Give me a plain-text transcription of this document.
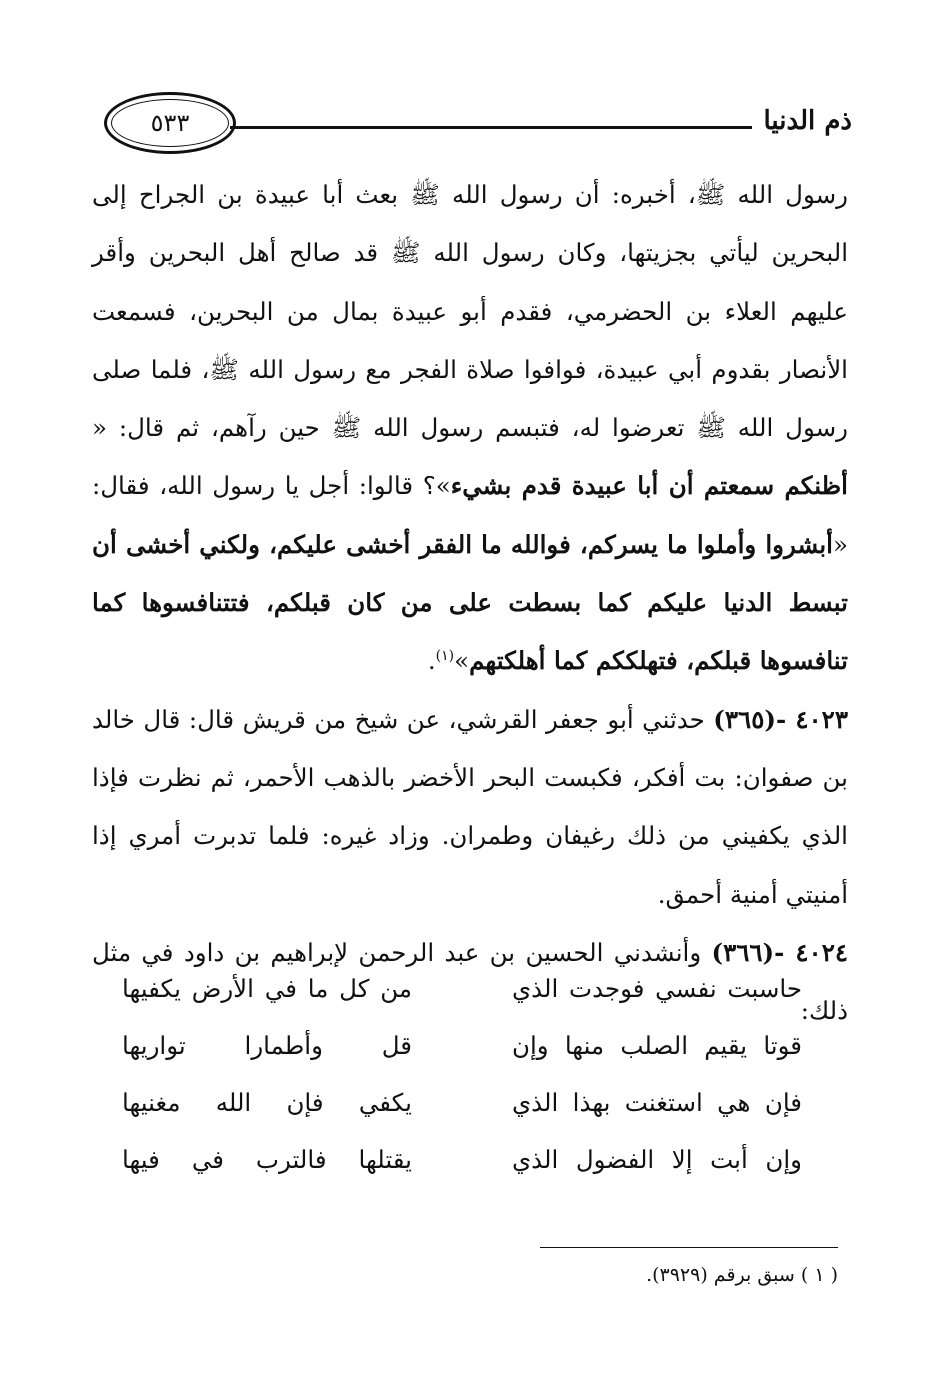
ذم الدنيا
٥٣٣

رسول الله ﷺ، أخبره: أن رسول الله ﷺ بعث أبا عبيدة بن الجراح إلى البحرين ليأتي بجزيتها، وكان رسول الله ﷺ قد صالح أهل البحرين وأقر عليهم العلاء بن الحضرمي، فقدم أبو عبيدة بمال من البحرين، فسمعت الأنصار بقدوم أبي عبيدة، فوافوا صلاة الفجر مع رسول الله ﷺ، فلما صلى رسول الله ﷺ تعرضوا له، فتبسم رسول الله ﷺ حين رآهم، ثم قال: « أظنكم سمعتم أن أبا عبيدة قدم بشيء»؟ قالوا: أجل يا رسول الله، فقال: «أبشروا وأملوا ما يسركم، فوالله ما الفقر أخشى عليكم، ولكني أخشى أن تبسط الدنيا عليكم كما بسطت على من كان قبلكم، فتتنافسوها كما تنافسوها قبلكم، فتهلككم كما أهلكتهم»$^{(١)}$.

٤٠٢٣ -(٣٦٥) حدثني أبو جعفر القرشي، عن شيخ من قريش قال: قال خالد بن صفوان: بت أفكر، فكبست البحر الأخضر بالذهب الأحمر، ثم نظرت فإذا الذي يكفيني من ذلك رغيفان وطمران. وزاد غيره: فلما تدبرت أمري إذا أمنيتي أمنية أحمق.

٤٠٢٤ -(٣٦٦) وأنشدني الحسين بن عبد الرحمن لإبراهيم بن داود في مثل ذلك:

حاسبت نفسي فوجدت الذي
من كل ما في الأرض يكفيها
قوتا يقيم الصلب منها وإن
قل وأطمارا تواريها
فإن هي استغنت بهذا الذي
يكفي فإن الله مغنيها
وإن أبت إلا الفضول الذي
يقتلها فالترب في فيها
( ١ ) سبق برقم (٣٩٢٩).
